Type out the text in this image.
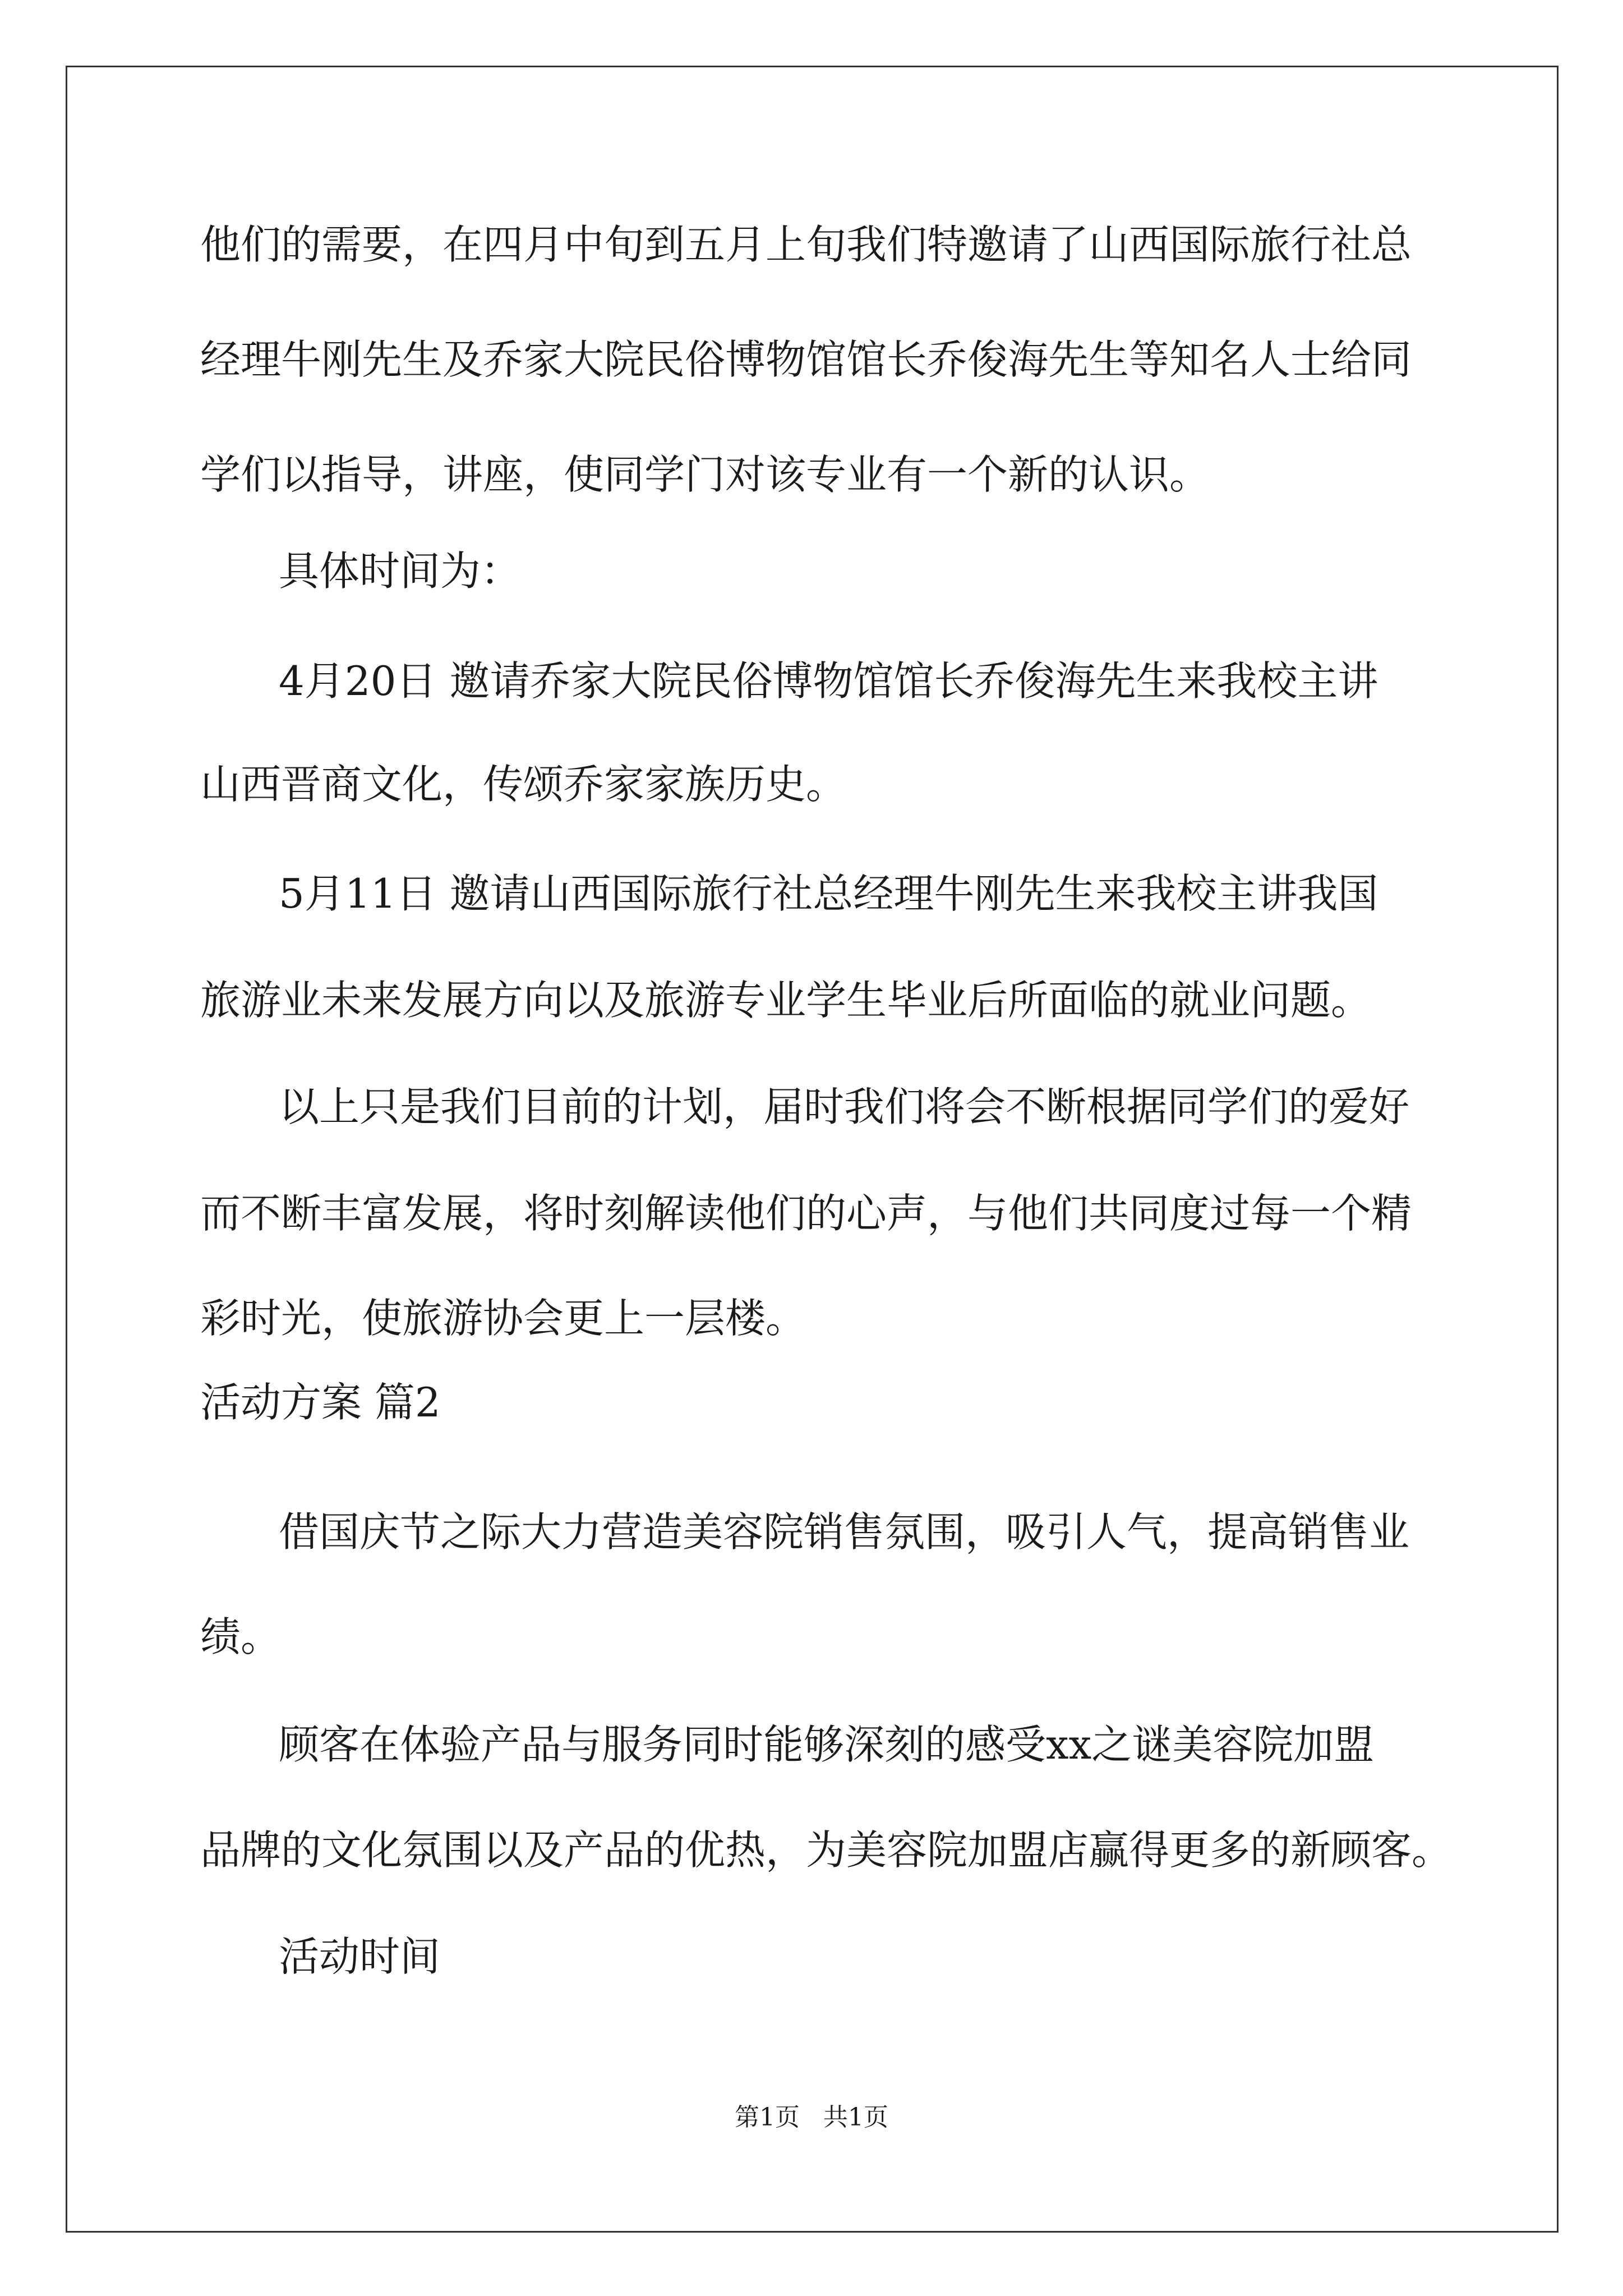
他们的需要，在四月中旬到五月上旬我们特邀请了山西国际旅行社总
经理牛刚先生及乔家大院民俗博物馆馆长乔俊海先生等知名人士给同
学们以指导，讲座，使同学门对该专业有一个新的认识。
具体时间为：
4月20日 邀请乔家大院民俗博物馆馆长乔俊海先生来我校主讲
山西晋商文化，传颂乔家家族历史。
5月11日 邀请山西国际旅行社总经理牛刚先生来我校主讲我国
旅游业未来发展方向以及旅游专业学生毕业后所面临的就业问题。
以上只是我们目前的计划，届时我们将会不断根据同学们的爱好
而不断丰富发展，将时刻解读他们的心声，与他们共同度过每一个精
彩时光，使旅游协会更上一层楼。
活动方案 篇2
借国庆节之际大力营造美容院销售氛围，吸引人气，提高销售业
绩。
顾客在体验产品与服务同时能够深刻的感受xx之谜美容院加盟
品牌的文化氛围以及产品的优热，为美容院加盟店赢得更多的新顾客。
活动时间
第1页   共1页
